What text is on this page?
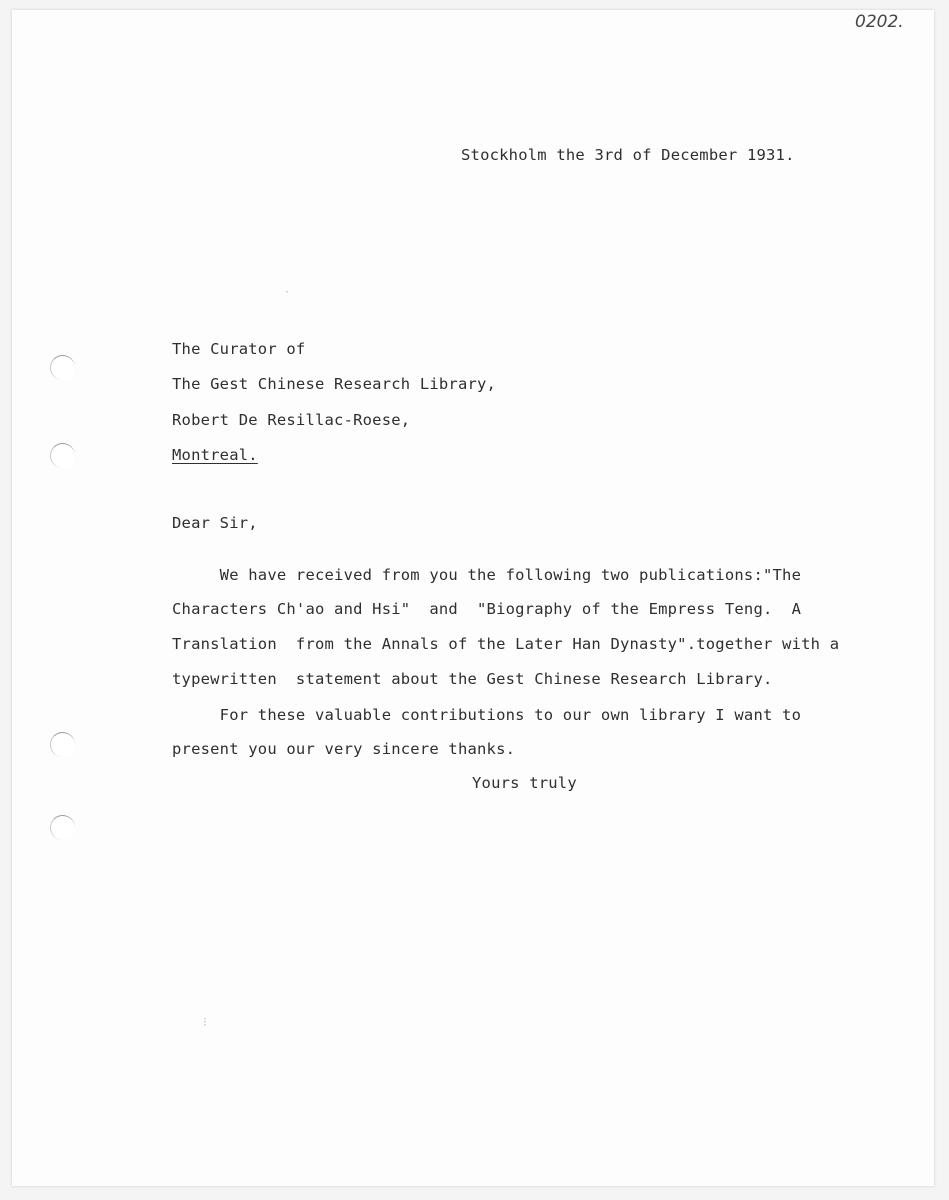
0202.
Stockholm the 3rd of December 1931.
The Curator of
The Gest Chinese Research Library,
Robert De Resillac-Roese,
Montreal.
Dear Sir,
We have received from you the following two publications:"The
Characters Ch'ao and Hsi"  and  "Biography of the Empress Teng.  A
Translation  from the Annals of the Later Han Dynasty".together with a
typewritten  statement about the Gest Chinese Research Library.
For these valuable contributions to our own library I want to
present you our very sincere thanks.
Yours truly
·
⁝
